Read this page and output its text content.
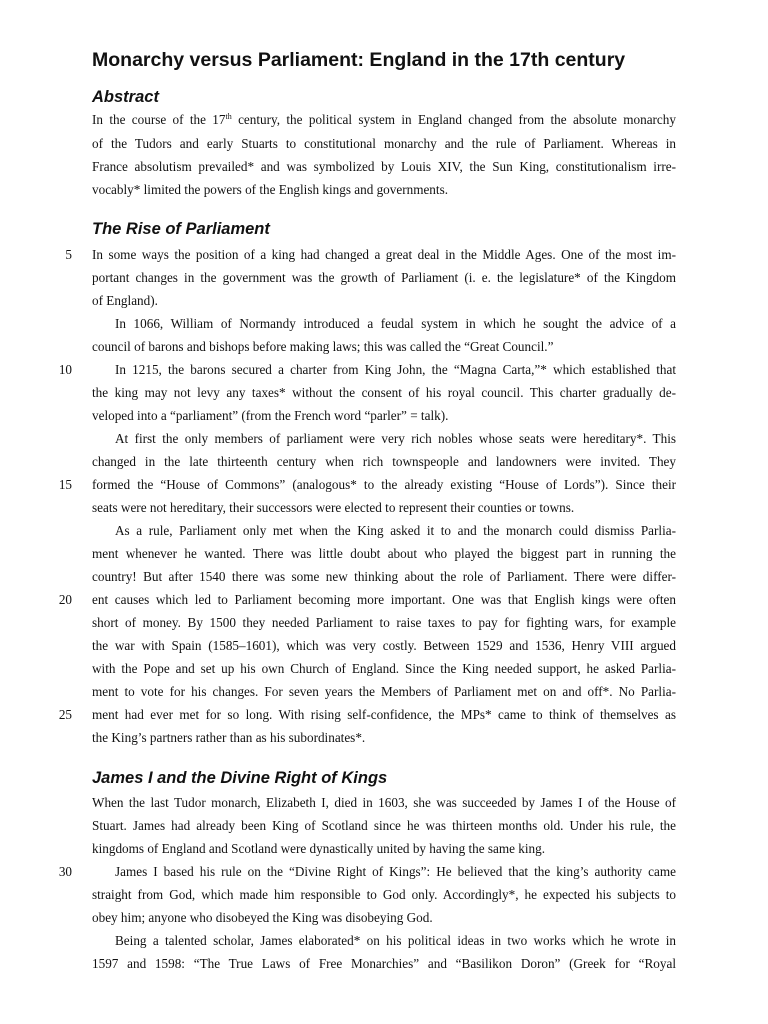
Monarchy versus Parliament: England in the 17th century
Abstract
In the course of the 17th century, the political system in England changed from the absolute monarchy
of the Tudors and early Stuarts to constitutional monarchy and the rule of Parliament. Whereas in
France absolutism prevailed* and was symbolized by Louis XIV, the Sun King, constitutionalism irre-
vocably* limited the powers of the English kings and governments.
The Rise of Parliament
In some ways the position of a king had changed a great deal in the Middle Ages. One of the most im-
portant changes in the government was the growth of Parliament (i. e. the legislature* of the Kingdom
of England).
In 1066, William of Normandy introduced a feudal system in which he sought the advice of a
council of barons and bishops before making laws; this was called the “Great Council.”
In 1215, the barons secured a charter from King John, the “Magna Carta,”* which established that
the king may not levy any taxes* without the consent of his royal council. This charter gradually de-
veloped into a “parliament” (from the French word “parler” = talk).
At first the only members of parliament were very rich nobles whose seats were hereditary*. This
changed in the late thirteenth century when rich townspeople and landowners were invited. They
formed the “House of Commons” (analogous* to the already existing “House of Lords”). Since their
seats were not hereditary, their successors were elected to represent their counties or towns.
As a rule, Parliament only met when the King asked it to and the monarch could dismiss Parlia-
ment whenever he wanted. There was little doubt about who played the biggest part in running the
country! But after 1540 there was some new thinking about the role of Parliament. There were differ-
ent causes which led to Parliament becoming more important. One was that English kings were often
short of money. By 1500 they needed Parliament to raise taxes to pay for fighting wars, for example
the war with Spain (1585–1601), which was very costly. Between 1529 and 1536, Henry VIII argued
with the Pope and set up his own Church of England. Since the King needed support, he asked Parlia-
ment to vote for his changes. For seven years the Members of Parliament met on and off*. No Parlia-
ment had ever met for so long. With rising self-confidence, the MPs* came to think of themselves as
the King’s partners rather than as his subordinates*.
James I and the Divine Right of Kings
When the last Tudor monarch, Elizabeth I, died in 1603, she was succeeded by James I of the House of
Stuart. James had already been King of Scotland since he was thirteen months old. Under his rule, the
kingdoms of England and Scotland were dynastically united by having the same king.
James I based his rule on the “Divine Right of Kings”: He believed that the king’s authority came
straight from God, which made him responsible to God only. Accordingly*, he expected his subjects to
obey him; anyone who disobeyed the King was disobeying God.
Being a talented scholar, James elaborated* on his political ideas in two works which he wrote in
1597 and 1598: “The True Laws of Free Monarchies” and “Basilikon Doron” (Greek for “Royal
5
10
15
20
25
30
